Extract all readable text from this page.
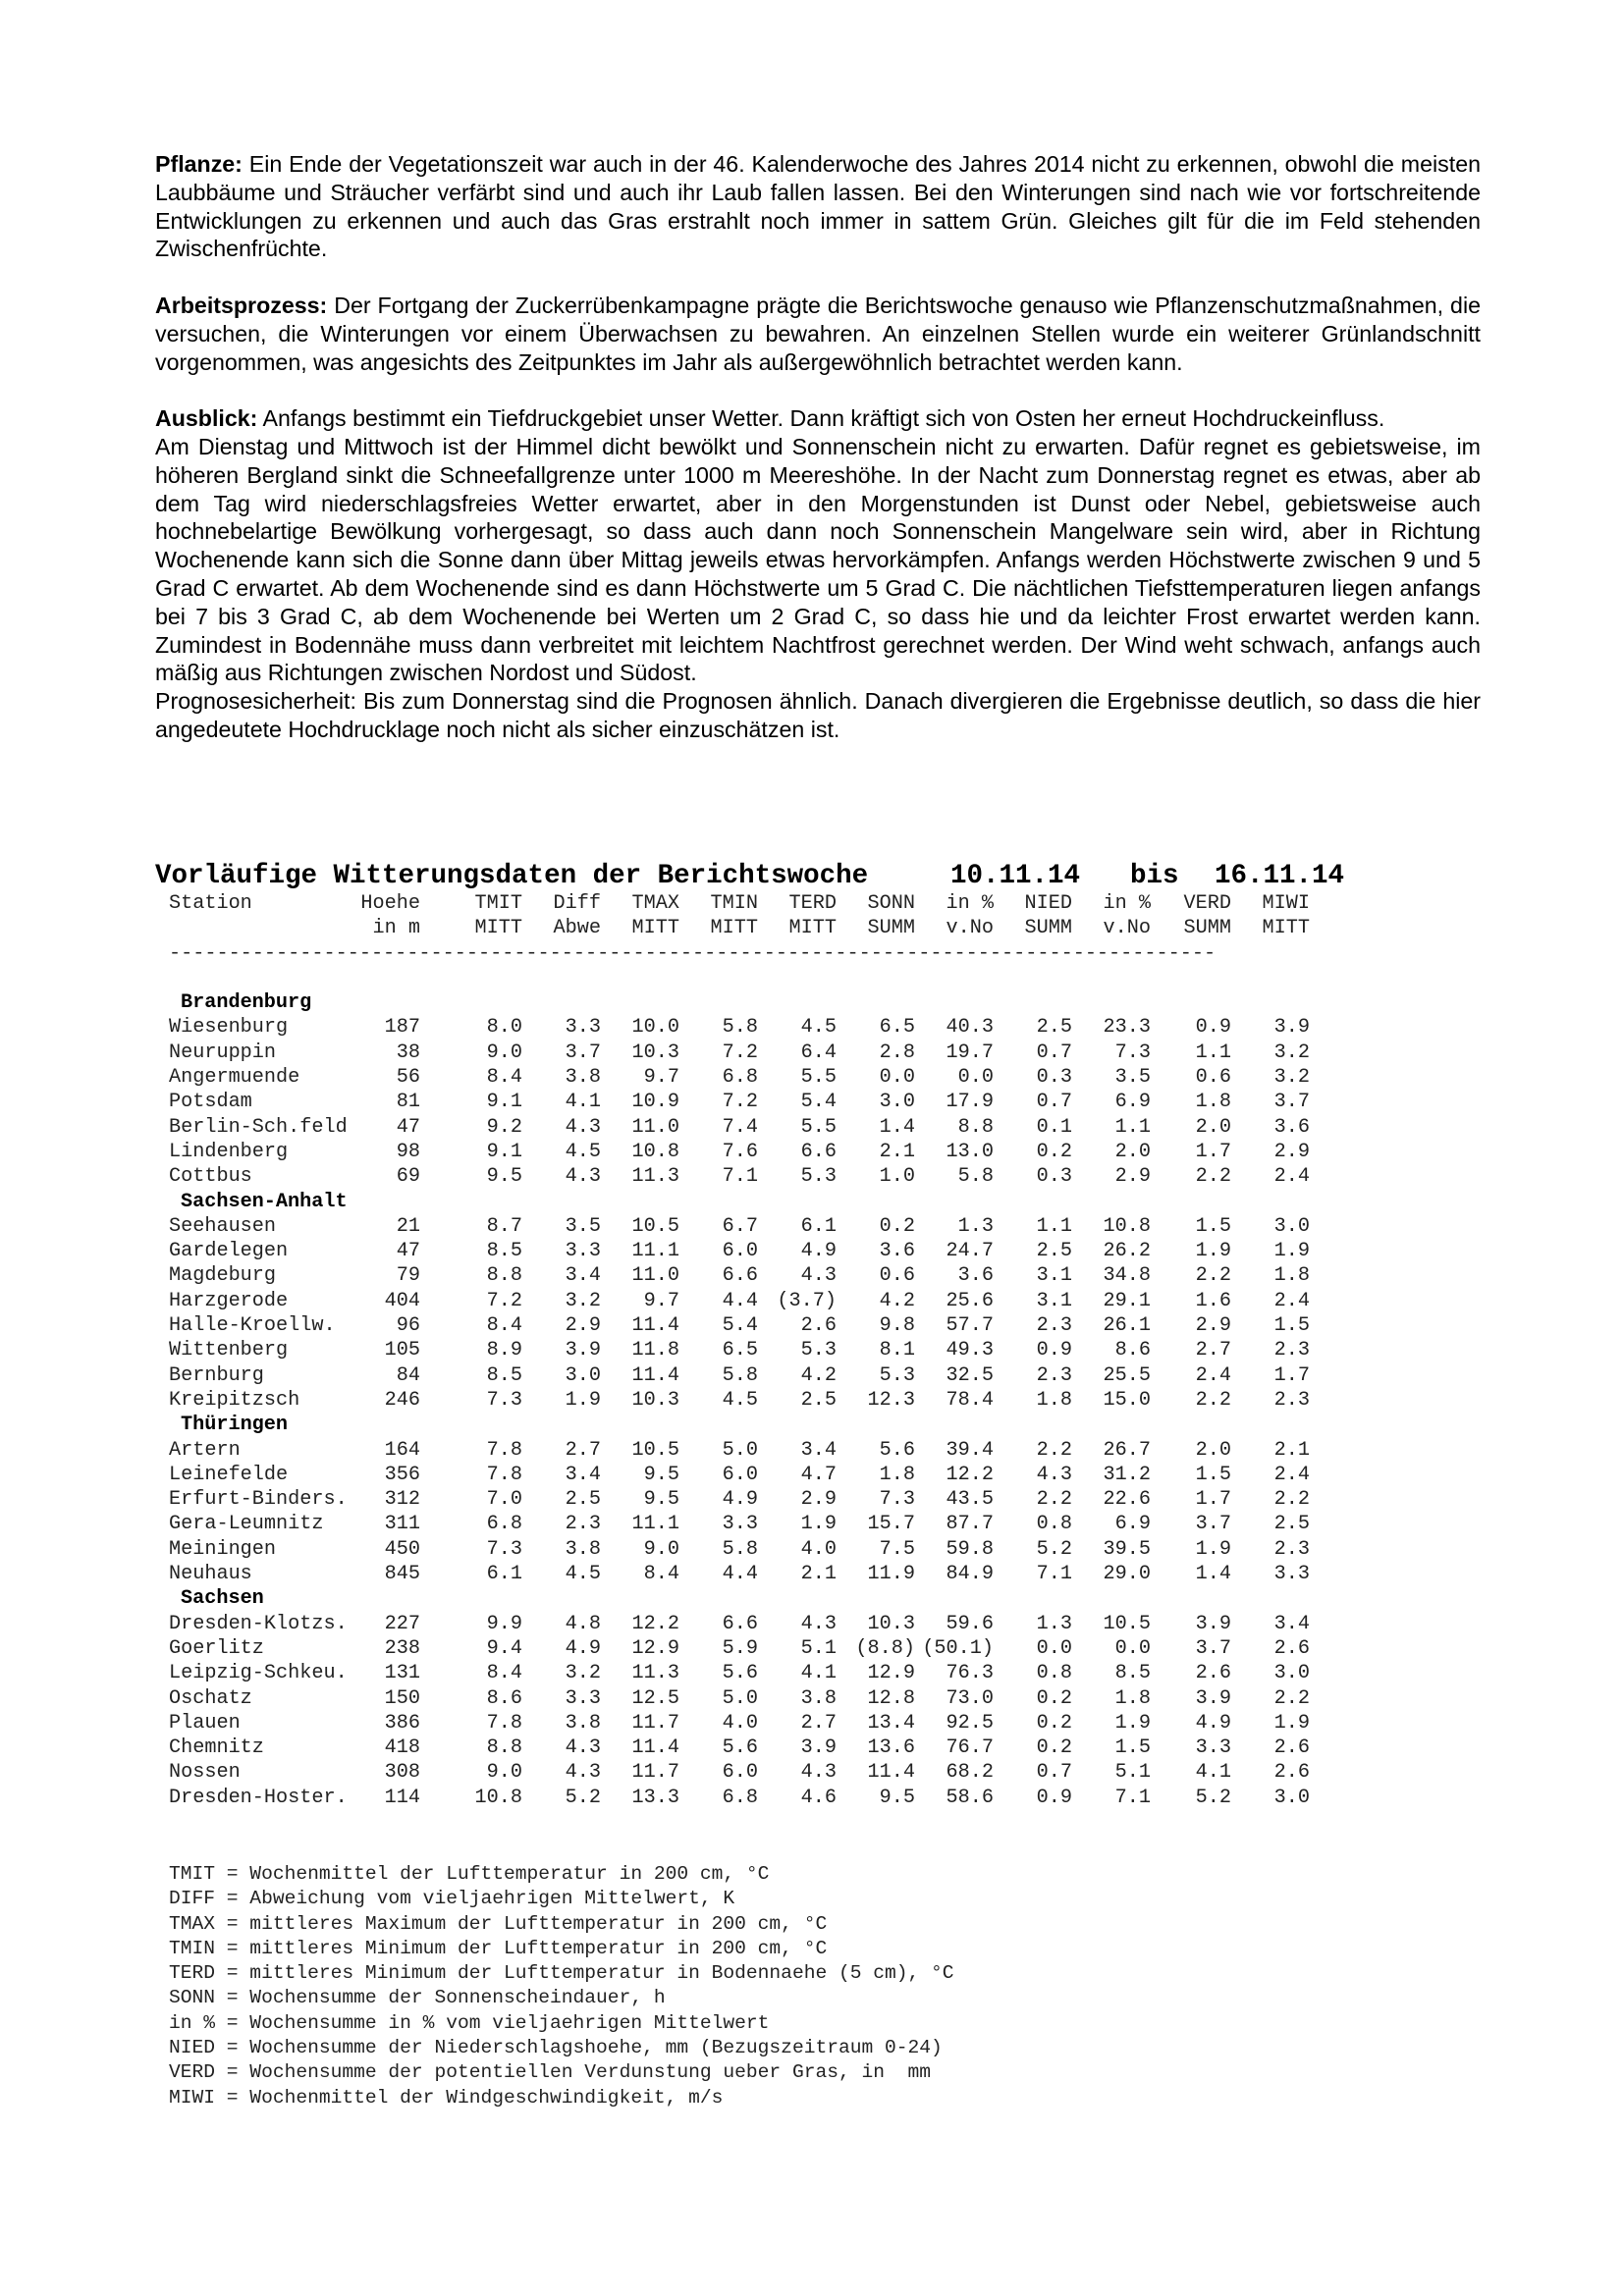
Pflanze: Ein Ende der Vegetationszeit war auch in der 46. Kalenderwoche des Jahres 2014 nicht zu erkennen, obwohl die meisten Laubbäume und Sträucher verfärbt sind und auch ihr Laub fallen lassen. Bei den Winterungen sind nach wie vor fortschreitende Entwicklungen zu erkennen und auch das Gras erstrahlt noch immer in sattem Grün. Gleiches gilt für die im Feld stehenden Zwischenfrüchte.

Arbeitsprozess: Der Fortgang der Zuckerrübenkampagne prägte die Berichtswoche genauso wie Pflanzenschutzmaßnahmen, die versuchen, die Winterungen vor einem Überwachsen zu bewahren. An einzelnen Stellen wurde ein weiterer Grünlandschnitt vorgenommen, was angesichts des Zeitpunktes im Jahr als außergewöhnlich betrachtet werden kann.

Ausblick: Anfangs bestimmt ein Tiefdruckgebiet unser Wetter. Dann kräftigt sich von Osten her erneut Hochdruckeinfluss.

Am Dienstag und Mittwoch ist der Himmel dicht bewölkt und Sonnenschein nicht zu erwarten. Dafür regnet es gebietsweise, im höheren Bergland sinkt die Schneefallgrenze unter 1000 m Meereshöhe. In der Nacht zum Donnerstag regnet es etwas, aber ab dem Tag wird niederschlagsfreies Wetter erwartet, aber in den Morgenstunden ist Dunst oder Nebel, gebietsweise auch hochnebelartige Bewölkung vorhergesagt, so dass auch dann noch Sonnenschein Mangelware sein wird, aber in Richtung Wochenende kann sich die Sonne dann über Mittag jeweils etwas hervorkämpfen. Anfangs werden Höchstwerte zwischen 9 und 5 Grad C erwartet. Ab dem Wochenende sind es dann Höchstwerte um 5 Grad C. Die nächtlichen Tiefsttemperaturen liegen anfangs bei 7 bis 3 Grad C, ab dem Wochenende bei Werten um 2 Grad C, so dass hie und da leichter Frost erwartet werden kann. Zumindest in Bodennähe muss dann verbreitet mit leichtem Nachtfrost gerechnet werden. Der Wind weht schwach, anfangs auch mäßig aus Richtungen zwischen Nordost und Südost.

Prognosesicherheit: Bis zum Donnerstag sind die Prognosen ähnlich. Danach divergieren die Ergebnisse deutlich, so dass die hier angedeutete Hochdrucklage noch nicht als sicher einzuschätzen ist.

Vorläufige Witterungsdaten der Berichtswoche	10.11.14 bis 16.11.14
Station	Hoehe	TMIT	Diff	TMAX	TMIN	TERD	SONN	in %	NIED	in %	VERD	MIWI
in m	MITT	Abwe	MITT	MITT	MITT	SUMM	v.No	SUMM	v.No	SUMM	MITT
----------------------------------------------------------------------------------------
Brandenburg
Wiesenburg	187	8.0	3.3	10.0	5.8	4.5	6.5	40.3	2.5	23.3	0.9	3.9
Neuruppin	38	9.0	3.7	10.3	7.2	6.4	2.8	19.7	0.7	7.3	1.1	3.2
Angermuende	56	8.4	3.8	9.7	6.8	5.5	0.0	0.0	0.3	3.5	0.6	3.2
Potsdam	81	9.1	4.1	10.9	7.2	5.4	3.0	17.9	0.7	6.9	1.8	3.7
Berlin-Sch.feld	47	9.2	4.3	11.0	7.4	5.5	1.4	8.8	0.1	1.1	2.0	3.6
Lindenberg	98	9.1	4.5	10.8	7.6	6.6	2.1	13.0	0.2	2.0	1.7	2.9
Cottbus	69	9.5	4.3	11.3	7.1	5.3	1.0	5.8	0.3	2.9	2.2	2.4
Sachsen-Anhalt
Seehausen	21	8.7	3.5	10.5	6.7	6.1	0.2	1.3	1.1	10.8	1.5	3.0
Gardelegen	47	8.5	3.3	11.1	6.0	4.9	3.6	24.7	2.5	26.2	1.9	1.9
Magdeburg	79	8.8	3.4	11.0	6.6	4.3	0.6	3.6	3.1	34.8	2.2	1.8
Harzgerode	404	7.2	3.2	9.7	4.4 (3.7)	4.2	25.6	3.1	29.1	1.6	2.4
Halle-Kroellw.	96	8.4	2.9	11.4	5.4	2.6	9.8	57.7	2.3	26.1	2.9	1.5
Wittenberg	105	8.9	3.9	11.8	6.5	5.3	8.1	49.3	0.9	8.6	2.7	2.3
Bernburg	84	8.5	3.0	11.4	5.8	4.2	5.3	32.5	2.3	25.5	2.4	1.7
Kreipitzsch	246	7.3	1.9	10.3	4.5	2.5	12.3	78.4	1.8	15.0	2.2	2.3
Thüringen
Artern	164	7.8	2.7	10.5	5.0	3.4	5.6	39.4	2.2	26.7	2.0	2.1
Leinefelde	356	7.8	3.4	9.5	6.0	4.7	1.8	12.2	4.3	31.2	1.5	2.4
Erfurt-Binders.	312	7.0	2.5	9.5	4.9	2.9	7.3	43.5	2.2	22.6	1.7	2.2
Gera-Leumnitz	311	6.8	2.3	11.1	3.3	1.9	15.7	87.7	0.8	6.9	3.7	2.5
Meiningen	450	7.3	3.8	9.0	5.8	4.0	7.5	59.8	5.2	39.5	1.9	2.3
Neuhaus	845	6.1	4.5	8.4	4.4	2.1	11.9	84.9	7.1	29.0	1.4	3.3
Sachsen
Dresden-Klotzs.	227	9.9	4.8	12.2	6.6	4.3	10.3	59.6	1.3	10.5	3.9	3.4
Goerlitz	238	9.4	4.9	12.9	5.9	5.1 (8.8) (50.1)	0.0	0.0	3.7	2.6
Leipzig-Schkeu.	131	8.4	3.2	11.3	5.6	4.1	12.9	76.3	0.8	8.5	2.6	3.0
Oschatz	150	8.6	3.3	12.5	5.0	3.8	12.8	73.0	0.2	1.8	3.9	2.2
Plauen	386	7.8	3.8	11.7	4.0	2.7	13.4	92.5	0.2	1.9	4.9	1.9
Chemnitz	418	8.8	4.3	11.4	5.6	3.9	13.6	76.7	0.2	1.5	3.3	2.6
Nossen	308	9.0	4.3	11.7	6.0	4.3	11.4	68.2	0.7	5.1	4.1	2.6
Dresden-Hoster.	114	10.8	5.2	13.3	6.8	4.6	9.5	58.6	0.9	7.1	5.2	3.0
TMIT = Wochenmittel der Lufttemperatur in 200 cm, °C
DIFF = Abweichung vom vieljaehrigen Mittelwert, K
TMAX = mittleres Maximum der Lufttemperatur in 200 cm, °C
TMIN = mittleres Minimum der Lufttemperatur in 200 cm, °C
TERD = mittleres Minimum der Lufttemperatur in Bodennaehe (5 cm), °C
SONN = Wochensumme der Sonnenscheindauer, h
in % = Wochensumme in % vom vieljaehrigen Mittelwert
NIED = Wochensumme der Niederschlagshoehe, mm (Bezugszeitraum 0-24)
VERD = Wochensumme der potentiellen Verdunstung ueber Gras, in  mm
MIWI = Wochenmittel der Windgeschwindigkeit, m/s
